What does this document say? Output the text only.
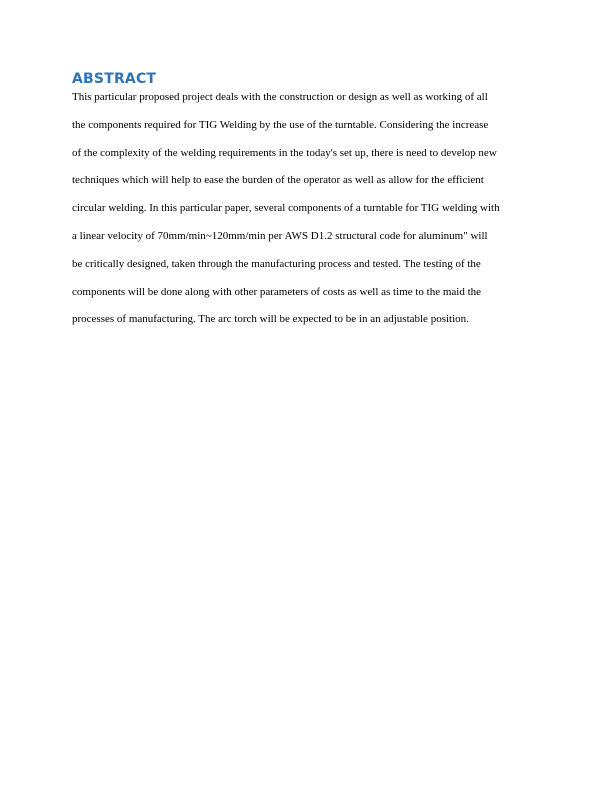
ABSTRACT
This particular proposed project deals with the construction or design as well as working of all
the components required for TIG Welding by the use of the turntable. Considering the increase
of the complexity of the welding requirements in the today's set up, there is need to develop new
techniques which will help to ease the burden of the operator as well as allow for the efficient
circular welding. In this particular paper, several components of a turntable for TIG welding with
a linear velocity of 70mm/min~120mm/min per AWS D1.2 structural code for aluminum" will
be critically designed, taken through the manufacturing process and tested. The testing of the
components will be done along with other parameters of costs as well as time to the maid the
processes of manufacturing. The arc torch will be expected to be in an adjustable position.
